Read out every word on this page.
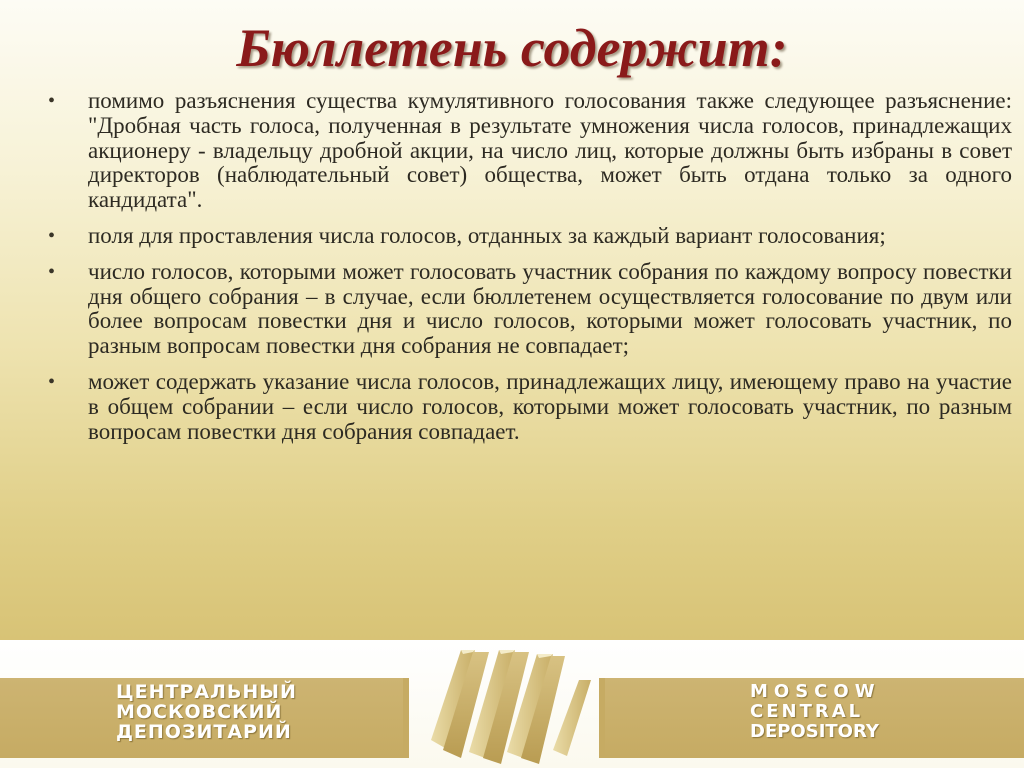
Бюллетень содержит:
• помимо разъяснения существа кумулятивного голосования также следующее разъяснение: "Дробная часть голоса, полученная в результате умножения числа голосов, принадлежащих акционеру - владельцу дробной акции, на число лиц, которые должны быть избраны в совет директоров (наблюдательный совет) общества, может быть отдана только за одного кандидата".
• поля для проставления числа голосов, отданных за каждый вариант голосования;
• число голосов, которыми может голосовать участник собрания по каждому вопросу повестки дня общего собрания – в случае, если бюллетенем осуществляется голосование по двум или более вопросам повестки дня и число голосов, которыми может голосовать участник, по разным вопросам повестки дня собрания не совпадает;
• может содержать указание числа голосов, принадлежащих лицу, имеющему право на участие в общем собрании – если число голосов, которыми может голосовать участник, по разным вопросам повестки дня собрания совпадает.
ЦЕНТРАЛЬНЫЙ
МОСКОВСКИЙ
ДЕПОЗИТАРИЙ
MOSCOW
CENTRAL
DEPOSITORY
